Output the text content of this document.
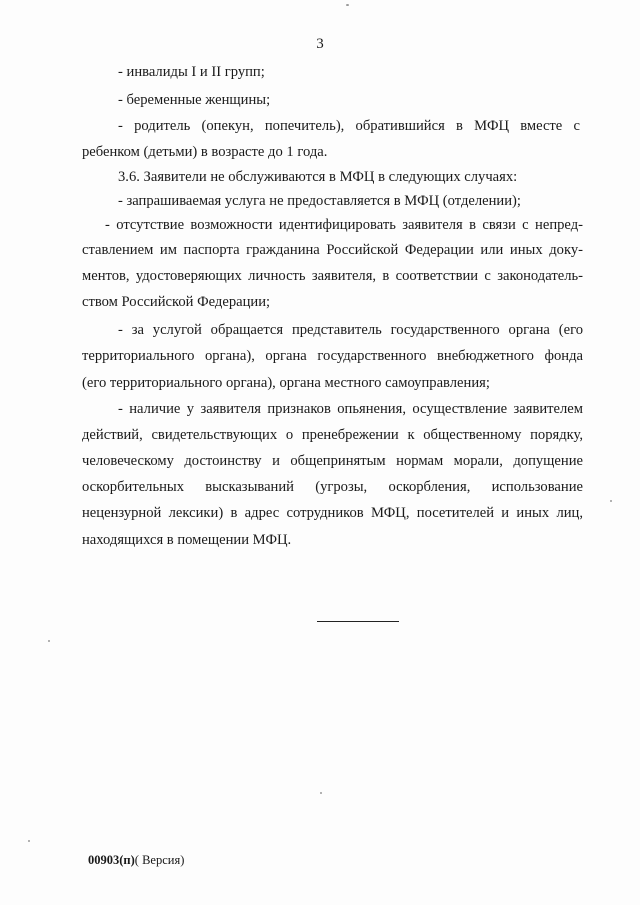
3
- инвалиды I и II групп;
- беременные женщины;
- родитель (опекун, попечитель), обратившийся в МФЦ вместе с
ребенком (детьми) в возрасте до 1 года.
3.6. Заявители не обслуживаются в МФЦ в следующих случаях:
- запрашиваемая услуга не предоставляется в МФЦ (отделении);
- отсутствие возможности идентифицировать заявителя в связи с непред-
ставлением им паспорта гражданина Российской Федерации или иных доку-
ментов, удостоверяющих личность заявителя, в соответствии с законодатель-
ством Российской Федерации;
- за услугой обращается представитель государственного органа (его
территориального органа), органа государственного внебюджетного фонда
(его территориального органа), органа местного самоуправления;
- наличие у заявителя признаков опьянения, осуществление заявителем
действий, свидетельствующих о пренебрежении к общественному порядку,
человеческому достоинству и общепринятым нормам морали, допущение
оскорбительных высказываний (угрозы, оскорбления, использование
нецензурной лексики) в адрес сотрудников МФЦ, посетителей и иных лиц,
находящихся в помещении МФЦ.
00903(п)( Версия)
